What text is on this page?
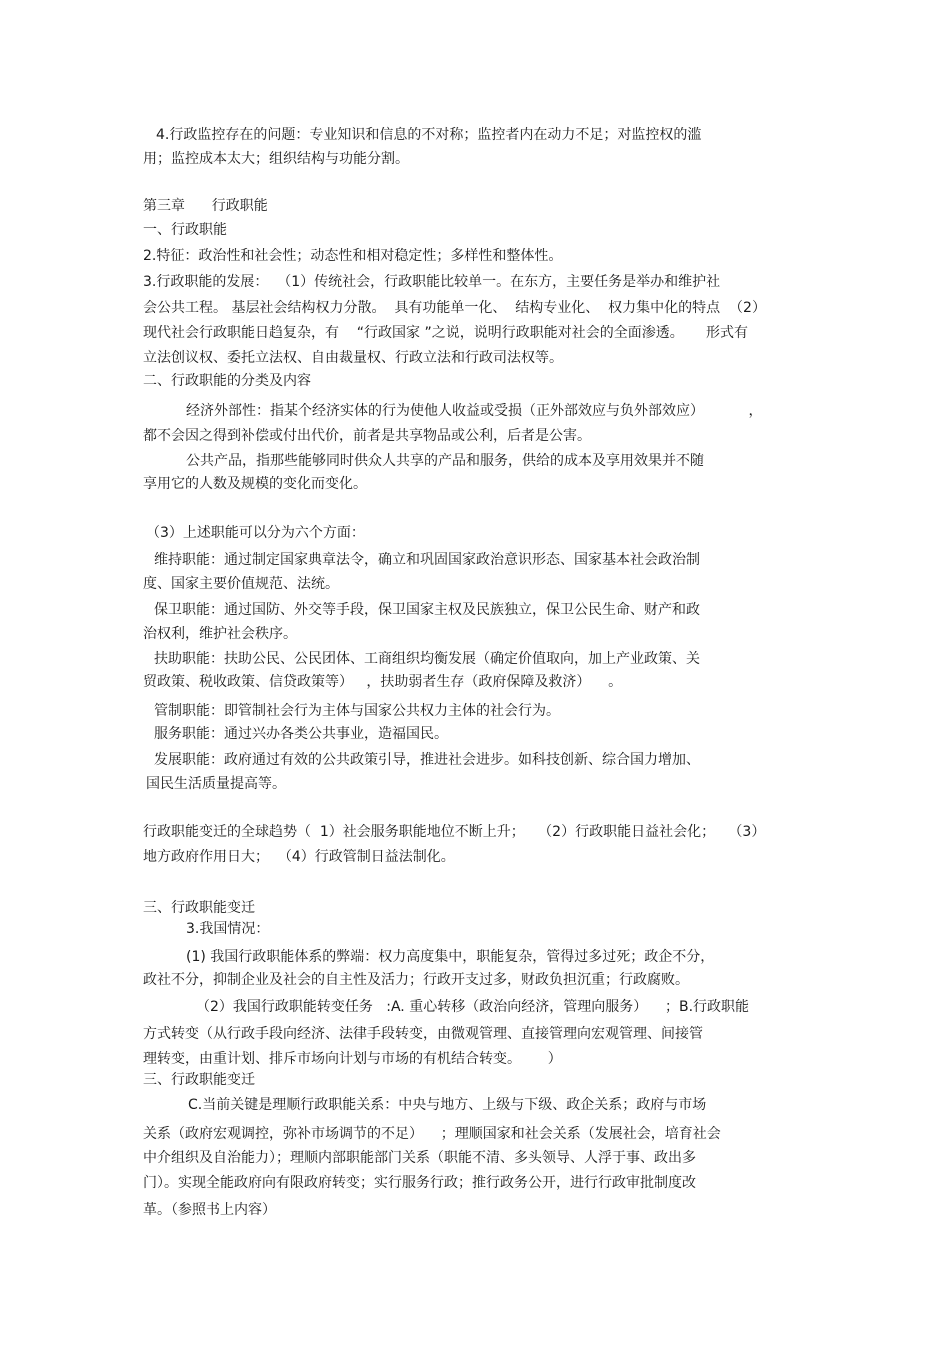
4.行政监控存在的问题：专业知识和信息的不对称；监控者内在动力不足；对监控权的滥
用；监控成本太大；组织结构与功能分割。
第三章      行政职能
一、行政职能
2.特征：政治性和社会性；动态性和相对稳定性；多样性和整体性。
3.行政职能的发展：  （1）传统社会，行政职能比较单一。在东方，主要任务是举办和维护社
会公共工程。 基层社会结构权力分散。  具有功能单一化、  结构专业化、  权力集中化的特点  （2）
现代社会行政职能日趋复杂，有    “行政国家 ”之说，说明行政职能对社会的全面渗透。     形式有
立法创议权、委托立法权、自由裁量权、行政立法和行政司法权等。
二、行政职能的分类及内容
经济外部性：指某个经济实体的行为使他人收益或受损（正外部效应与负外部效应）          ，
都不会因之得到补偿或付出代价，前者是共享物品或公利，后者是公害。
公共产品，指那些能够同时供众人共享的产品和服务，供给的成本及享用效果并不随
享用它的人数及规模的变化而变化。
（3）上述职能可以分为六个方面：
维持职能：通过制定国家典章法令，确立和巩固国家政治意识形态、国家基本社会政治制
度、国家主要价值规范、法统。
保卫职能：通过国防、外交等手段，保卫国家主权及民族独立，保卫公民生命、财产和政
治权利，维护社会秩序。
扶助职能：扶助公民、公民团体、工商组织均衡发展（确定价值取向，加上产业政策、关
贸政策、税收政策、信贷政策等）   ，扶助弱者生存（政府保障及救济）    。
管制职能：即管制社会行为主体与国家公共权力主体的社会行为。
服务职能：通过兴办各类公共事业，造福国民。
发展职能：政府通过有效的公共政策引导，推进社会进步。如科技创新、综合国力增加、
国民生活质量提高等。
行政职能变迁的全球趋势（  1）社会服务职能地位不断上升；   （2）行政职能日益社会化；   （3）
地方政府作用日大；  （4）行政管制日益法制化。
三、行政职能变迁
3.我国情况：
(1) 我国行政职能体系的弊端：权力高度集中，职能复杂，管得过多过死；政企不分，
政社不分，抑制企业及社会的自主性及活力；行政开支过多，财政负担沉重；行政腐败。
（2）我国行政职能转变任务   :A. 重心转移（政治向经济，管理向服务）    ；B.行政职能
方式转变（从行政手段向经济、法律手段转变，由微观管理、直接管理向宏观管理、间接管
理转变，由重计划、排斥市场向计划与市场的有机结合转变。      ）
三、行政职能变迁
C.当前关键是理顺行政职能关系：中央与地方、上级与下级、政企关系；政府与市场
关系（政府宏观调控，弥补市场调节的不足）    ；理顺国家和社会关系（发展社会，培育社会
中介组织及自治能力）；理顺内部职能部门关系（职能不清、多头领导、人浮于事、政出多
门）。实现全能政府向有限政府转变；实行服务行政；推行政务公开，进行行政审批制度改
革。（参照书上内容）
